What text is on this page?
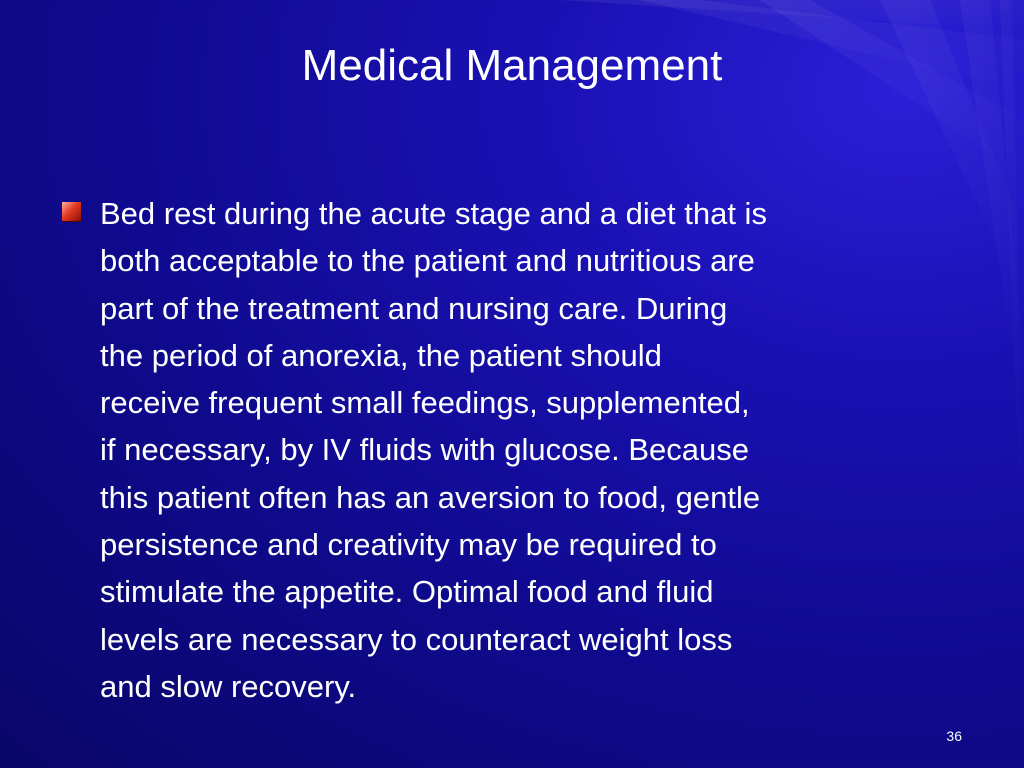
Medical Management
Bed rest during the acute stage and a diet that is
both acceptable to the patient and nutritious are
part of the treatment and nursing care. During
the period of anorexia, the patient should
receive frequent small feedings, supplemented,
if necessary, by IV fluids with glucose. Because
this patient often has an aversion to food, gentle
persistence and creativity may be required to
stimulate the appetite. Optimal food and fluid
levels are necessary to counteract weight loss
and slow recovery.
36
